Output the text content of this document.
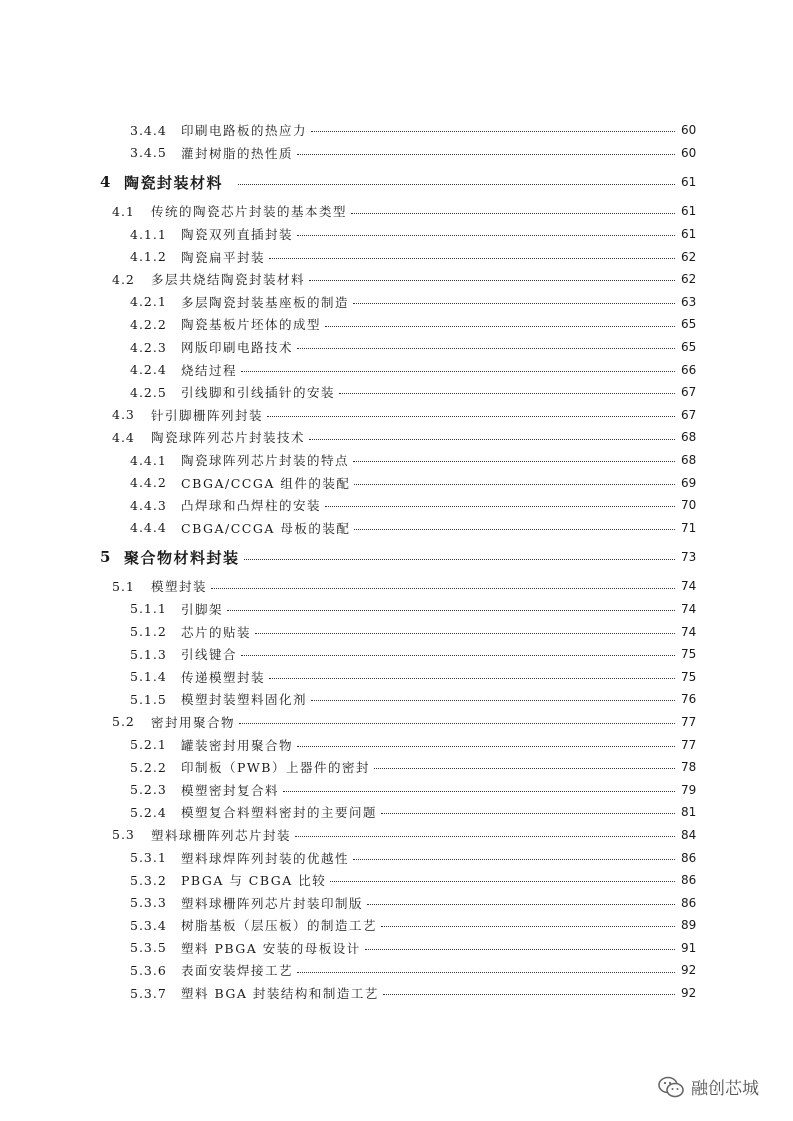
3.4.4 印刷电路板的热应力	60
3.4.5 灌封树脂的热性质	60
4 陶瓷封装材料	61
4.1 传统的陶瓷芯片封装的基本类型	61
4.1.1 陶瓷双列直插封装	61
4.1.2 陶瓷扁平封装	62
4.2 多层共烧结陶瓷封装材料	62
4.2.1 多层陶瓷封装基座板的制造	63
4.2.2 陶瓷基板片坯体的成型	65
4.2.3 网版印刷电路技术	65
4.2.4 烧结过程	66
4.2.5 引线脚和引线插针的安装	67
4.3 针引脚栅阵列封装	67
4.4 陶瓷球阵列芯片封装技术	68
4.4.1 陶瓷球阵列芯片封装的特点	68
4.4.2 CBGA/CCGA 组件的装配	69
4.4.3 凸焊球和凸焊柱的安装	70
4.4.4 CBGA/CCGA 母板的装配	71
5 聚合物材料封装	73
5.1 模塑封装	74
5.1.1 引脚架	74
5.1.2 芯片的贴装	74
5.1.3 引线键合	75
5.1.4 传递模塑封装	75
5.1.5 模塑封装塑料固化剂	76
5.2 密封用聚合物	77
5.2.1 罐装密封用聚合物	77
5.2.2 印制板（PWB）上器件的密封	78
5.2.3 模塑密封复合料	79
5.2.4 模塑复合料塑料密封的主要问题	81
5.3 塑料球栅阵列芯片封装	84
5.3.1 塑料球焊阵列封装的优越性	86
5.3.2 PBGA 与 CBGA 比较	86
5.3.3 塑料球栅阵列芯片封装印制版	86
5.3.4 树脂基板（层压板）的制造工艺	89
5.3.5 塑料 PBGA 安装的母板设计	91
5.3.6 表面安装焊接工艺	92
5.3.7 塑料 BGA 封装结构和制造工艺	92
融创芯城
